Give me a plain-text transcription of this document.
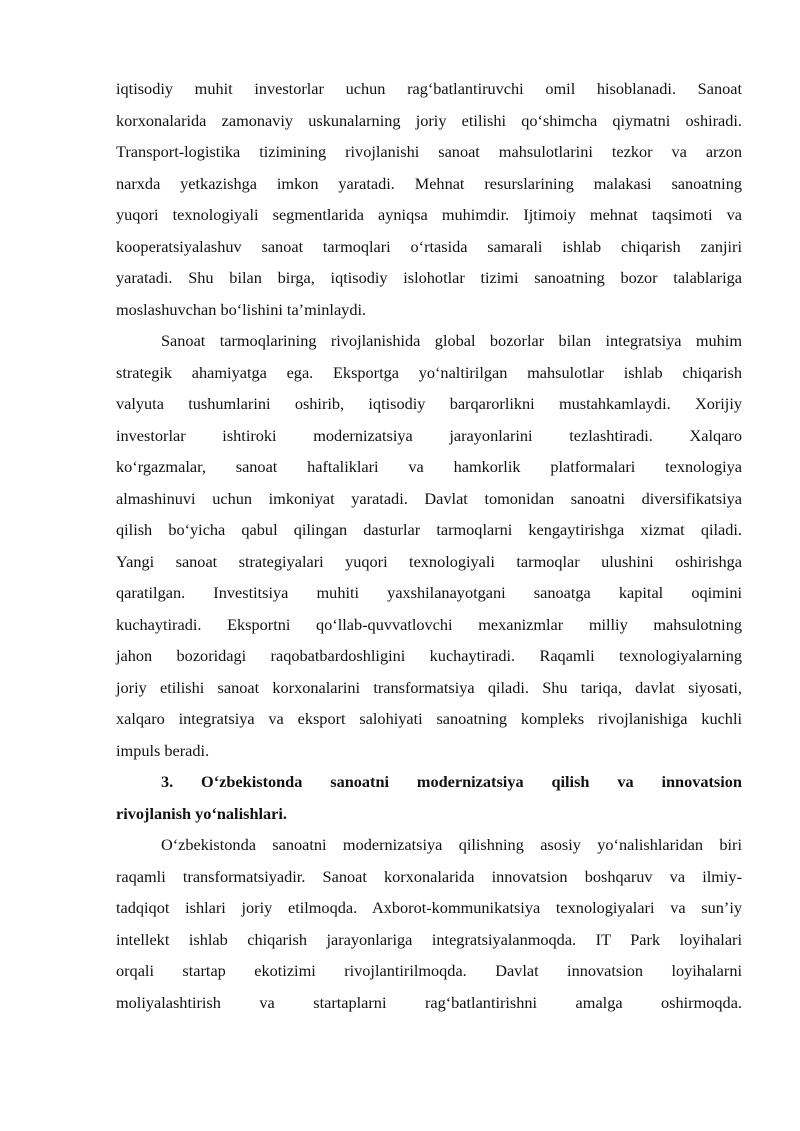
iqtisodiy muhit investorlar uchun rag‘batlantiruvchi omil hisoblanadi. Sanoat
korxonalarida zamonaviy uskunalarning joriy etilishi qo‘shimcha qiymatni oshiradi.
Transport-logistika tizimining rivojlanishi sanoat mahsulotlarini tezkor va arzon
narxda yetkazishga imkon yaratadi. Mehnat resurslarining malakasi sanoatning
yuqori texnologiyali segmentlarida ayniqsa muhimdir. Ijtimoiy mehnat taqsimoti va
kooperatsiyalashuv sanoat tarmoqlari o‘rtasida samarali ishlab chiqarish zanjiri
yaratadi. Shu bilan birga, iqtisodiy islohotlar tizimi sanoatning bozor talablariga
moslashuvchan bo‘lishini ta’minlaydi.
Sanoat tarmoqlarining rivojlanishida global bozorlar bilan integratsiya muhim
strategik ahamiyatga ega. Eksportga yo‘naltirilgan mahsulotlar ishlab chiqarish
valyuta tushumlarini oshirib, iqtisodiy barqarorlikni mustahkamlaydi. Xorijiy
investorlar ishtiroki modernizatsiya jarayonlarini tezlashtiradi. Xalqaro
ko‘rgazmalar, sanoat haftaliklari va hamkorlik platformalari texnologiya
almashinuvi uchun imkoniyat yaratadi. Davlat tomonidan sanoatni diversifikatsiya
qilish bo‘yicha qabul qilingan dasturlar tarmoqlarni kengaytirishga xizmat qiladi.
Yangi sanoat strategiyalari yuqori texnologiyali tarmoqlar ulushini oshirishga
qaratilgan. Investitsiya muhiti yaxshilanayotgani sanoatga kapital oqimini
kuchaytiradi. Eksportni qo‘llab-quvvatlovchi mexanizmlar milliy mahsulotning
jahon bozoridagi raqobatbardoshligini kuchaytiradi. Raqamli texnologiyalarning
joriy etilishi sanoat korxonalarini transformatsiya qiladi. Shu tariqa, davlat siyosati,
xalqaro integratsiya va eksport salohiyati sanoatning kompleks rivojlanishiga kuchli
impuls beradi.
3. O‘zbekistonda sanoatni modernizatsiya qilish va innovatsion
rivojlanish yo‘nalishlari.
O‘zbekistonda sanoatni modernizatsiya qilishning asosiy yo‘nalishlaridan biri
raqamli transformatsiyadir. Sanoat korxonalarida innovatsion boshqaruv va ilmiy-
tadqiqot ishlari joriy etilmoqda. Axborot-kommunikatsiya texnologiyalari va sun’iy
intellekt ishlab chiqarish jarayonlariga integratsiyalanmoqda. IT Park loyihalari
orqali startap ekotizimi rivojlantirilmoqda. Davlat innovatsion loyihalarni
moliyalashtirish va startaplarni rag‘batlantirishni amalga oshirmoqda.
